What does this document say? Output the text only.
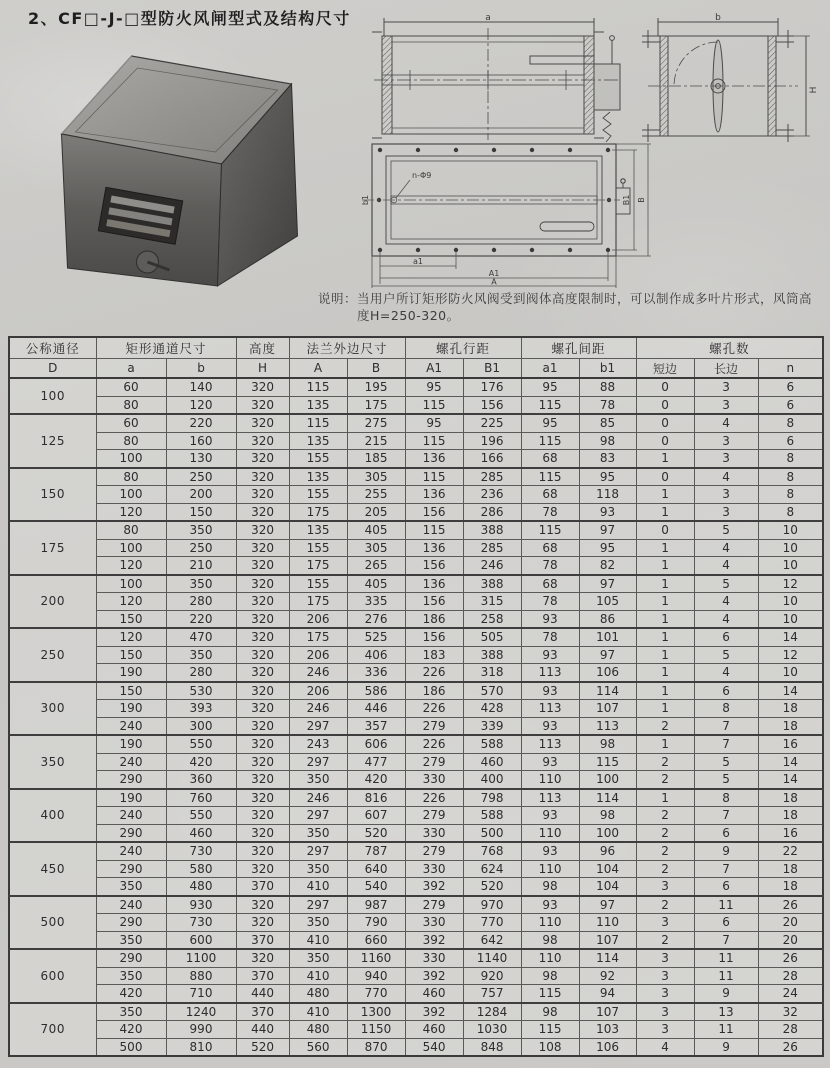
2、CF□-J-□型防火风闸型式及结构尺寸	a	b
H
n-Φ9
b1
a1
A1
A
B1 B
说明： 当用户所订矩形防火风阀受到阀体高度限制时，可以制作成多叶片形式，风筒高
度H=250-320。
公称通径	矩形通道尺寸		高度	法兰外边尺寸		螺孔行距		螺孔间距		螺孔数		
D	a	b	H	A	B	A1	B1	a1	b1	短边	长边	n
100	60	140	320	115	195	95	176	95	88	0	3	6
	80	120	320	135	175	115	156	115	78	0	3	6
125	60	220	320	115	275	95	225	95	85	0	4	8
	80	160	320	135	215	115	196	115	98	0	3	6
	100	130	320	155	185	136	166	68	83	1	3	8
150	80	250	320	135	305	115	285	115	95	0	4	8
	100	200	320	155	255	136	236	68	118	1	3	8
	120	150	320	175	205	156	286	78	93	1	3	8
175	80	350	320	135	405	115	388	115	97	0	5	10
	100	250	320	155	305	136	285	68	95	1	4	10
	120	210	320	175	265	156	246	78	82	1	4	10
200	100	350	320	155	405	136	388	68	97	1	5	12
	120	280	320	175	335	156	315	78	105	1	4	10
	150	220	320	206	276	186	258	93	86	1	4	10
250	120	470	320	175	525	156	505	78	101	1	6	14
	150	350	320	206	406	183	388	93	97	1	5	12
	190	280	320	246	336	226	318	113	106	1	4	10
300	150	530	320	206	586	186	570	93	114	1	6	14
	190	393	320	246	446	226	428	113	107	1	8	18
	240	300	320	297	357	279	339	93	113	2	7	18
350	190	550	320	243	606	226	588	113	98	1	7	16
	240	420	320	297	477	279	460	93	115	2	5	14
	290	360	320	350	420	330	400	110	100	2	5	14
400	190	760	320	246	816	226	798	113	114	1	8	18
	240	550	320	297	607	279	588	93	98	2	7	18
	290	460	320	350	520	330	500	110	100	2	6	16
450	240	730	320	297	787	279	768	93	96	2	9	22
	290	580	320	350	640	330	624	110	104	2	7	18
	350	480	370	410	540	392	520	98	104	3	6	18
500	240	930	320	297	987	279	970	93	97	2	11	26
	290	730	320	350	790	330	770	110	110	3	6	20
	350	600	370	410	660	392	642	98	107	2	7	20
600	290	1100	320	350	1160	330	1140	110	114	3	11	26
	350	880	370	410	940	392	920	98	92	3	11	28
	420	710	440	480	770	460	757	115	94	3	9	24
700	350	1240	370	410	1300	392	1284	98	107	3	13	32
	420	990	440	480	1150	460	1030	115	103	3	11	28
	500	810	520	560	870	540	848	108	106	4	9	26
